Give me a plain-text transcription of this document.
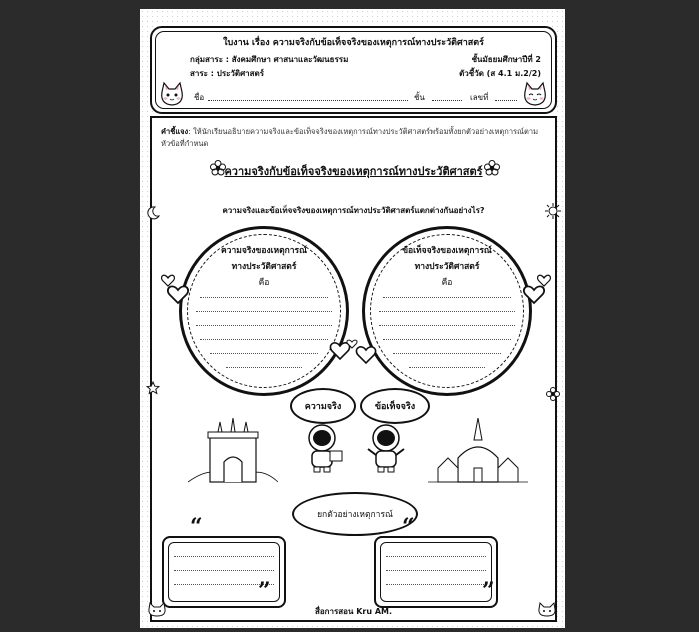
ใบงาน เรื่อง ความจริงกับข้อเท็จจริงของเหตุการณ์ทางประวัติศาสตร์
กลุ่มสาระ : สังคมศึกษา ศาสนาและวัฒนธรรม	ชั้นมัธยมศึกษาปีที่ 2
สาระ : ประวัติศาสตร์	ตัวชี้วัด (ส 4.1 ม.2/2)
ชื่อ	ชั้น	เลขที่
คำชี้แจง: ให้นักเรียนอธิบายความจริงและข้อเท็จจริงของเหตุการณ์ทางประวัติศาสตร์พร้อมทั้งยกตัวอย่างเหตุการณ์ตามหัวข้อที่กำหนด
ความจริงกับข้อเท็จจริงของเหตุการณ์ทางประวัติศาสตร์
ความจริงและข้อเท็จจริงของเหตุการณ์ทางประวัติศาสตร์แตกต่างกันอย่างไร?
ความจริงของเหตุการณ์
ทางประวัติศาสตร์
คือ
ข้อเท็จจริงของเหตุการณ์
ทางประวัติศาสตร์
คือ
ความจริง	ข้อเท็จจริง
ยกตัวอย่างเหตุการณ์
“
”
“
”
สื่อการสอน Kru AM.
